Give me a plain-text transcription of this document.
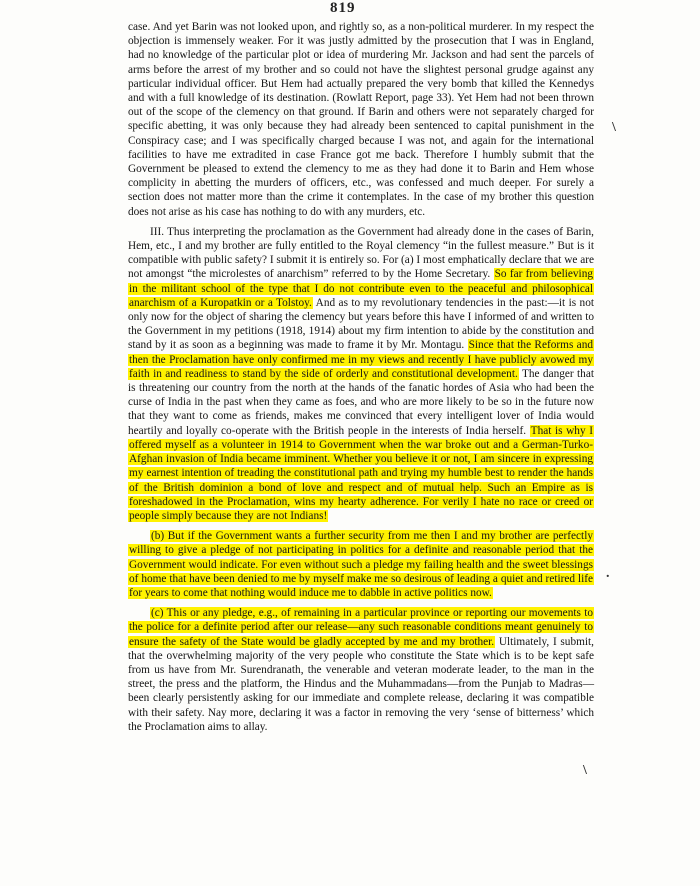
819
\
.
\

case. And yet Barin was not looked upon, and rightly so, as a non-political murderer. In my respect the objection is immensely weaker. For it was justly admitted by the prosecution that I was in England, had no knowledge of the particular plot or idea of murdering Mr. Jackson and had sent the parcels of arms before the arrest of my brother and so could not have the slightest personal grudge against any particular individual officer. But Hem had actually prepared the very bomb that killed the Kennedys and with a full knowledge of its destination. (Rowlatt Report, page 33). Yet Hem had not been thrown out of the scope of the clemency on that ground. If Barin and others were not separately charged for specific abetting, it was only because they had already been sentenced to capital punishment in the Conspiracy case; and I was specifically charged because I was not, and again for the international facilities to have me extradited in case France got me back. Therefore I humbly submit that the Government be pleased to extend the clemency to me as they had done it to Barin and Hem whose complicity in abetting the murders of officers, etc., was confessed and much deeper. For surely a section does not matter more than the crime it contemplates. In the case of my brother this question does not arise as his case has nothing to do with any murders, etc.

III. Thus interpreting the proclamation as the Government had already done in the cases of Barin, Hem, etc., I and my brother are fully entitled to the Royal clemency “in the fullest measure.” But is it compatible with public safety? I submit it is entirely so. For (a) I most emphatically declare that we are not amongst “the microlestes of anarchism” referred to by the Home Secretary. So far from believing in the militant school of the type that I do not contribute even to the peaceful and philosophical anarchism of a Kuropatkin or a Tolstoy. And as to my revolutionary tendencies in the past:—it is not only now for the object of sharing the clemency but years before this have I informed of and written to the Government in my petitions (1918, 1914) about my firm intention to abide by the constitution and stand by it as soon as a beginning was made to frame it by Mr. Montagu. Since that the Reforms and then the Proclamation have only confirmed me in my views and recently I have publicly avowed my faith in and readiness to stand by the side of orderly and constitutional development. The danger that is threatening our country from the north at the hands of the fanatic hordes of Asia who had been the curse of India in the past when they came as foes, and who are more likely to be so in the future now that they want to come as friends, makes me convinced that every intelligent lover of India would heartily and loyally co-operate with the British people in the interests of India herself. That is why I offered myself as a volunteer in 1914 to Government when the war broke out and a German-Turko-Afghan invasion of India became imminent. Whether you believe it or not, I am sincere in expressing my earnest intention of treading the constitutional path and trying my humble best to render the hands of the British dominion a bond of love and respect and of mutual help. Such an Empire as is foreshadowed in the Proclamation, wins my hearty adherence. For verily I hate no race or creed or people simply because they are not Indians!

(b) But if the Government wants a further security from me then I and my brother are perfectly willing to give a pledge of not participating in politics for a definite and reasonable period that the Government would indicate. For even without such a pledge my failing health and the sweet blessings of home that have been denied to me by myself make me so desirous of leading a quiet and retired life for years to come that nothing would induce me to dabble in active politics now.

(c) This or any pledge, e.g., of remaining in a particular province or reporting our movements to the police for a definite period after our release—any such reasonable conditions meant genuinely to ensure the safety of the State would be gladly accepted by me and my brother. Ultimately, I submit, that the overwhelming majority of the very people who constitute the State which is to be kept safe from us have from Mr. Surendranath, the venerable and veteran moderate leader, to the man in the street, the press and the platform, the Hindus and the Muhammadans—from the Punjab to Madras—been clearly persistently asking for our immediate and complete release, declaring it was compatible with their safety. Nay more, declaring it was a factor in removing the very ‘sense of bitterness’ which the Proclamation aims to allay.
